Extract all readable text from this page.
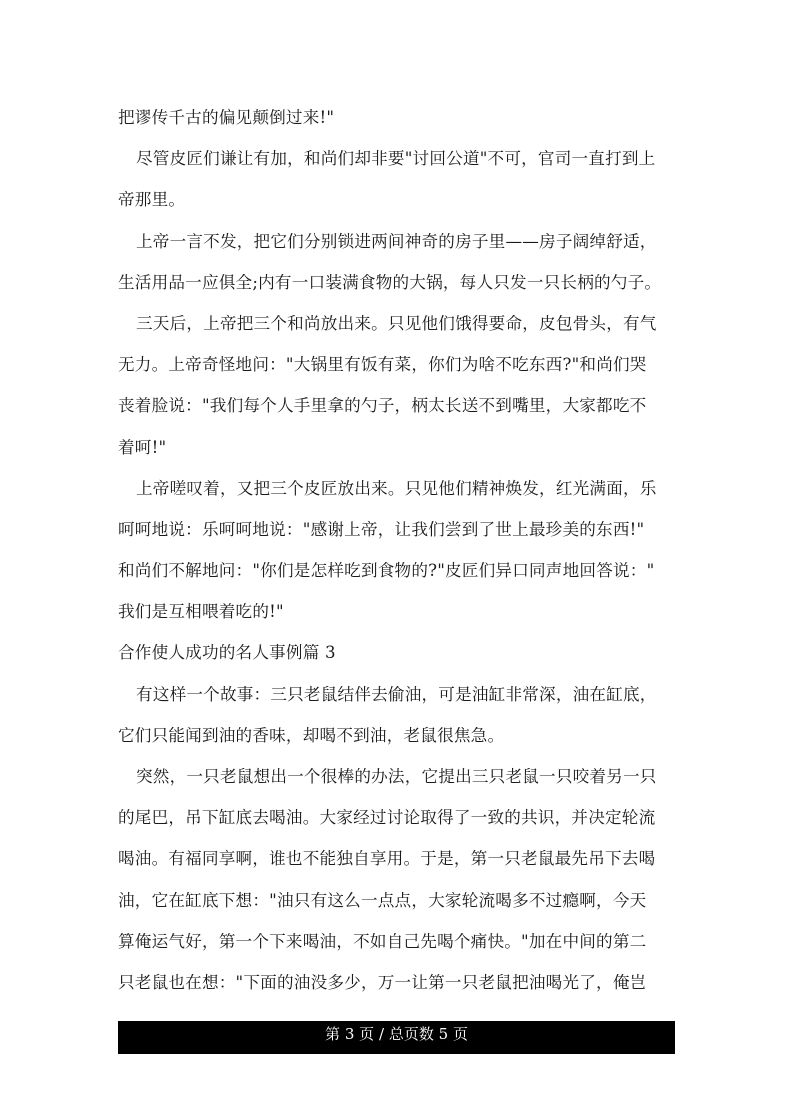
把谬传千古的偏见颠倒过来!"
尽管皮匠们谦让有加，和尚们却非要"讨回公道"不可，官司一直打到上
帝那里。
上帝一言不发，把它们分别锁进两间神奇的房子里——房子阔绰舒适，
生活用品一应俱全;内有一口装满食物的大锅，每人只发一只长柄的勺子。
三天后，上帝把三个和尚放出来。只见他们饿得要命，皮包骨头，有气
无力。上帝奇怪地问："大锅里有饭有菜，你们为啥不吃东西?"和尚们哭
丧着脸说："我们每个人手里拿的勺子，柄太长送不到嘴里，大家都吃不
着呵!"
上帝嗟叹着，又把三个皮匠放出来。只见他们精神焕发，红光满面，乐
呵呵地说：乐呵呵地说："感谢上帝，让我们尝到了世上最珍美的东西!"
和尚们不解地问："你们是怎样吃到食物的?"皮匠们异口同声地回答说："
我们是互相喂着吃的!"
合作使人成功的名人事例篇 3
有这样一个故事：三只老鼠结伴去偷油，可是油缸非常深，油在缸底，
它们只能闻到油的香味，却喝不到油，老鼠很焦急。
突然，一只老鼠想出一个很棒的办法，它提出三只老鼠一只咬着另一只
的尾巴，吊下缸底去喝油。大家经过讨论取得了一致的共识，并决定轮流
喝油。有福同享啊，谁也不能独自享用。于是，第一只老鼠最先吊下去喝
油，它在缸底下想："油只有这么一点点，大家轮流喝多不过瘾啊，今天
算俺运气好，第一个下来喝油，不如自己先喝个痛快。"加在中间的第二
只老鼠也在想："下面的油没多少，万一让第一只老鼠把油喝光了，俺岂
第 3 页 / 总页数 5 页
